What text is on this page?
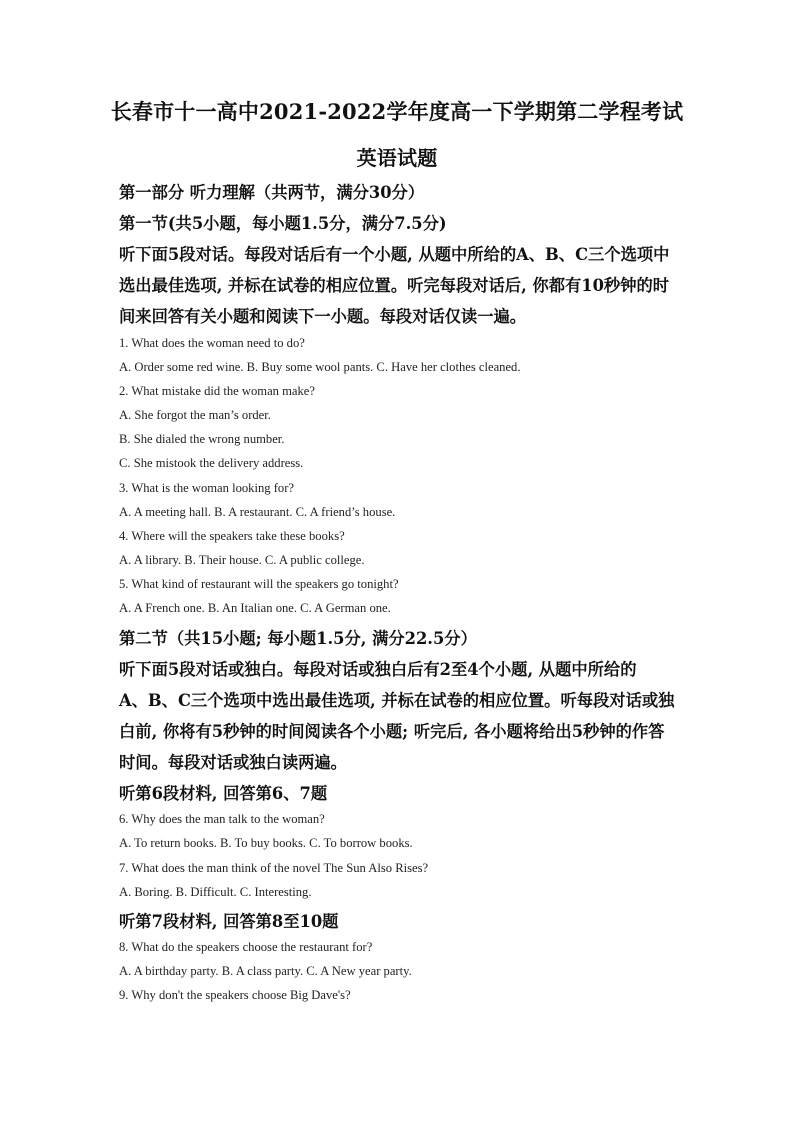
长春市十一高中2021-2022学年度高一下学期第二学程考试
英语试题
第一部分 听力理解（共两节，满分30分）
第一节(共5小题，每小题1.5分，满分7.5分)
听下面5段对话。每段对话后有一个小题, 从题中所给的A、B、C三个选项中
选出最佳选项, 并标在试卷的相应位置。听完每段对话后, 你都有10秒钟的时
间来回答有关小题和阅读下一小题。每段对话仅读一遍。
1. What does the woman need to do?
A. Order some red wine. B. Buy some wool pants. C. Have her clothes cleaned.
2. What mistake did the woman make?
A. She forgot the man’s order.
B. She dialed the wrong number.
C. She mistook the delivery address.
3. What is the woman looking for?
A. A meeting hall. B. A restaurant. C. A friend’s house.
4. Where will the speakers take these books?
A. A library. B. Their house. C. A public college.
5. What kind of restaurant will the speakers go tonight?
A. A French one. B. An Italian one. C. A German one.
第二节（共15小题; 每小题1.5分, 满分22.5分）
听下面5段对话或独白。每段对话或独白后有2至4个小题, 从题中所给的
A、B、C三个选项中选出最佳选项, 并标在试卷的相应位置。听每段对话或独
白前, 你将有5秒钟的时间阅读各个小题; 听完后, 各小题将给出5秒钟的作答
时间。每段对话或独白读两遍。
听第6段材料, 回答第6、7题
6. Why does the man talk to the woman?
A. To return books. B. To buy books. C. To borrow books.
7. What does the man think of the novel The Sun Also Rises?
A. Boring. B. Difficult. C. Interesting.
听第7段材料, 回答第8至10题
8. What do the speakers choose the restaurant for?
A. A birthday party. B. A class party. C. A New year party.
9. Why don't the speakers choose Big Dave's?
